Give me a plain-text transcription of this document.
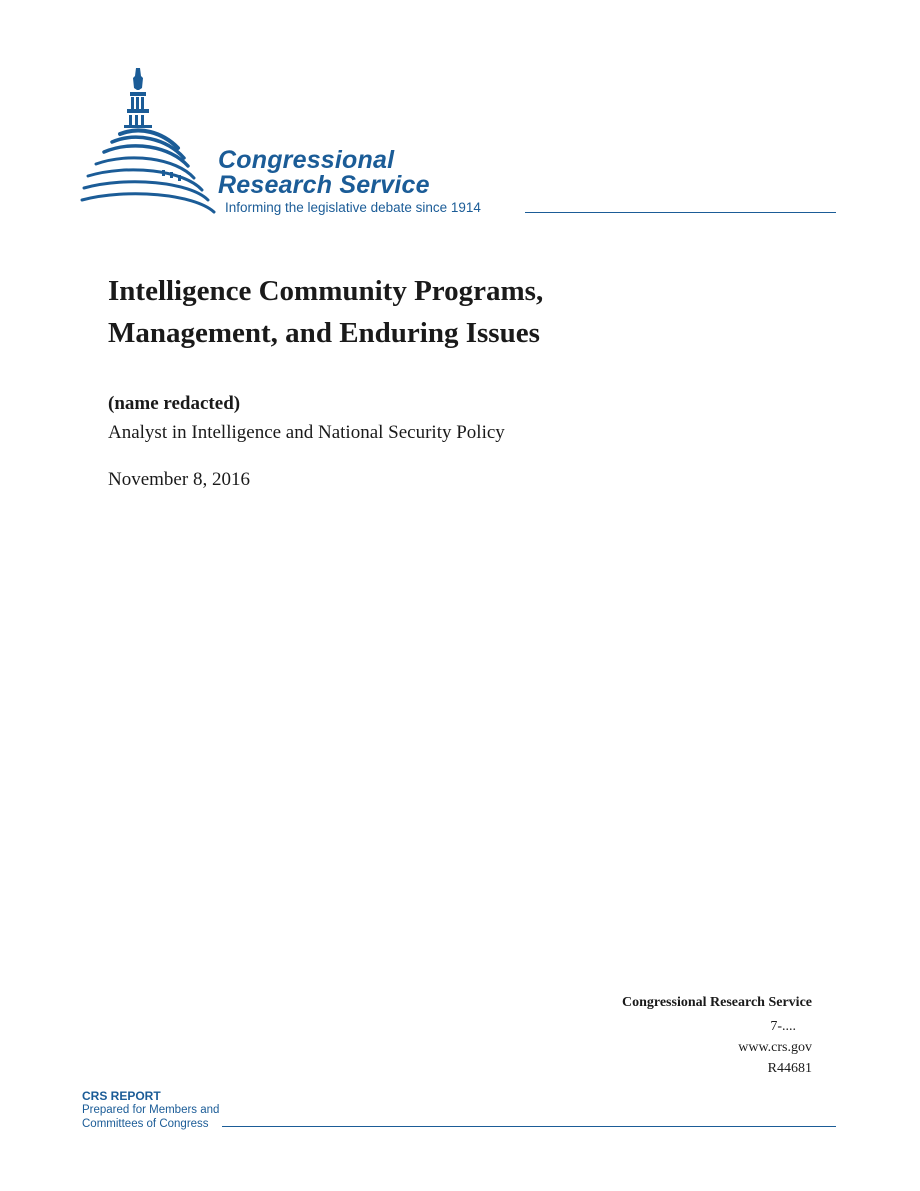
Congressional
Research Service
Informing the legislative debate since 1914
Intelligence Community Programs,
Management, and Enduring Issues
(name redacted)
Analyst in Intelligence and National Security Policy
November 8, 2016
Congressional Research Service
7-....
www.crs.gov
R44681
CRS REPORT
Prepared for Members and
Committees of Congress
